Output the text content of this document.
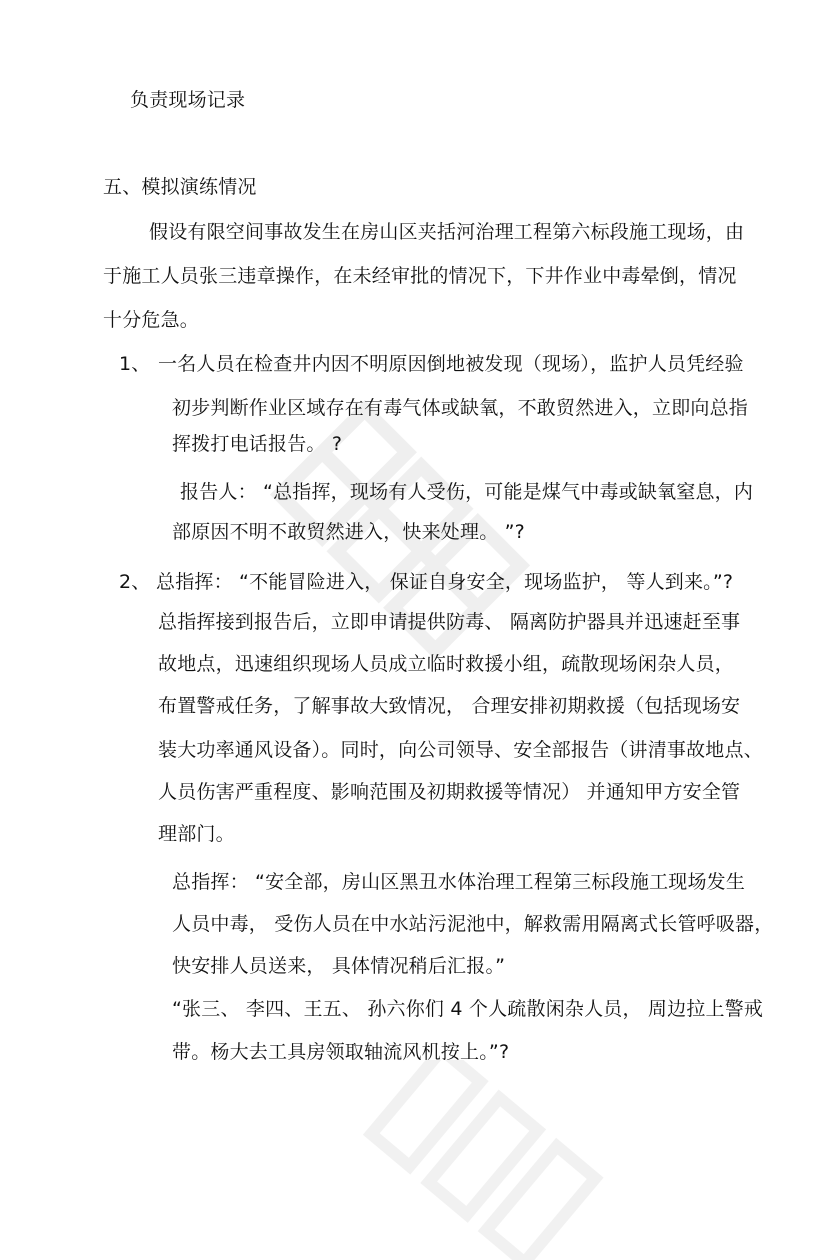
负责现场记录
五、模拟演练情况
假设有限空间事故发生在房山区夹括河治理工程第六标段施工现场，由
于施工人员张三违章操作，在未经审批的情况下，下井作业中毒晕倒，情况
十分危急。
1、 一名人员在检查井内因不明原因倒地被发现（现场），监护人员凭经验
初步判断作业区域存在有毒气体或缺氧，不敢贸然进入，立即向总指
挥拨打电话报告。 ?
报告人： “总指挥，现场有人受伤，可能是煤气中毒或缺氧窒息，内
部原因不明不敢贸然进入，快来处理。 ”?
2、 总指挥： “不能冒险进入， 保证自身安全，现场监护， 等人到来。”?
总指挥接到报告后，立即申请提供防毒、 隔离防护器具并迅速赶至事
故地点，迅速组织现场人员成立临时救援小组，疏散现场闲杂人员，
布置警戒任务，了解事故大致情况， 合理安排初期救援（包括现场安
装大功率通风设备）。同时，向公司领导、安全部报告（讲清事故地点、
人员伤害严重程度、影响范围及初期救援等情况） 并通知甲方安全管
理部门。
总指挥： “安全部，房山区黑丑水体治理工程第三标段施工现场发生
人员中毒， 受伤人员在中水站污泥池中，解救需用隔离式长管呼吸器，
快安排人员送来， 具体情况稍后汇报。”
“张三、 李四、王五、 孙六你们 4 个人疏散闲杂人员， 周边拉上警戒
带。杨大去工具房领取轴流风机按上。”?
